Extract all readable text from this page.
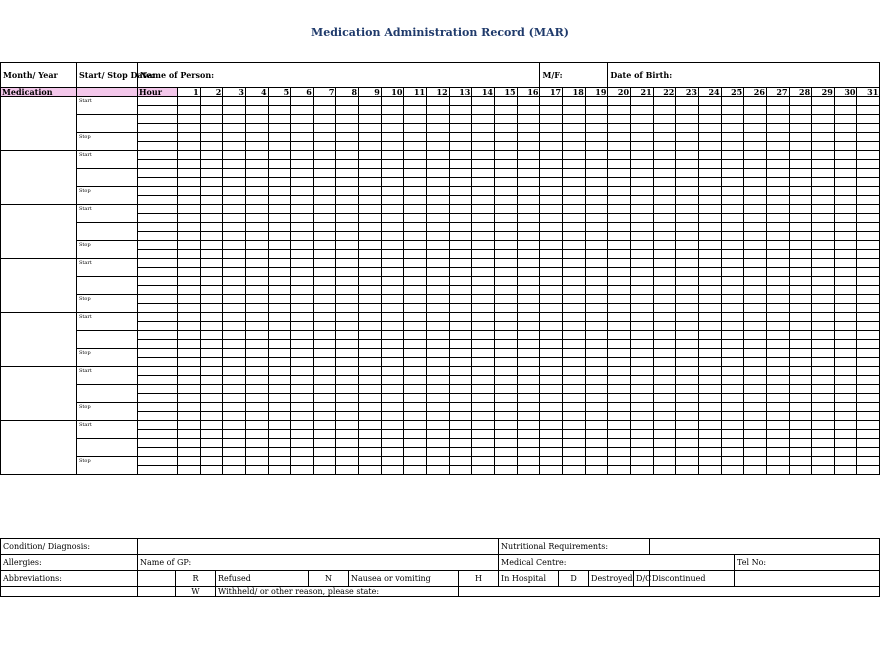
Medication Administration Record (MAR)
Month/ Year	Start/ Stop Date:	Name of Person:																	M/F:			Date of Birth:											
Medication		Hour	1	2	3	4	5	6	7	8	9	10	11	12	13	14	15	16	17	18	19	20	21	22	23	24	25	26	27	28	29	30	31
	Start																																

	Stop																																

	Start																																

	Stop																																

	Start																																

	Stop																																

	Start																																

	Stop																																

	Start																																

	Stop																																

	Start																																

	Stop																																

	Start																																

	Stop																																

Condition/ Diagnosis:							Nutritional Requirements:					
Allergies:	Name of GP:						Medical Centre:					Tel No:
Abbreviations:		R	Refused	N	Nausea or vomiting	H	In Hospital	D	Destroyed	D/C	Discontinued	
		W	Withheld/ or other reason, please state:									
